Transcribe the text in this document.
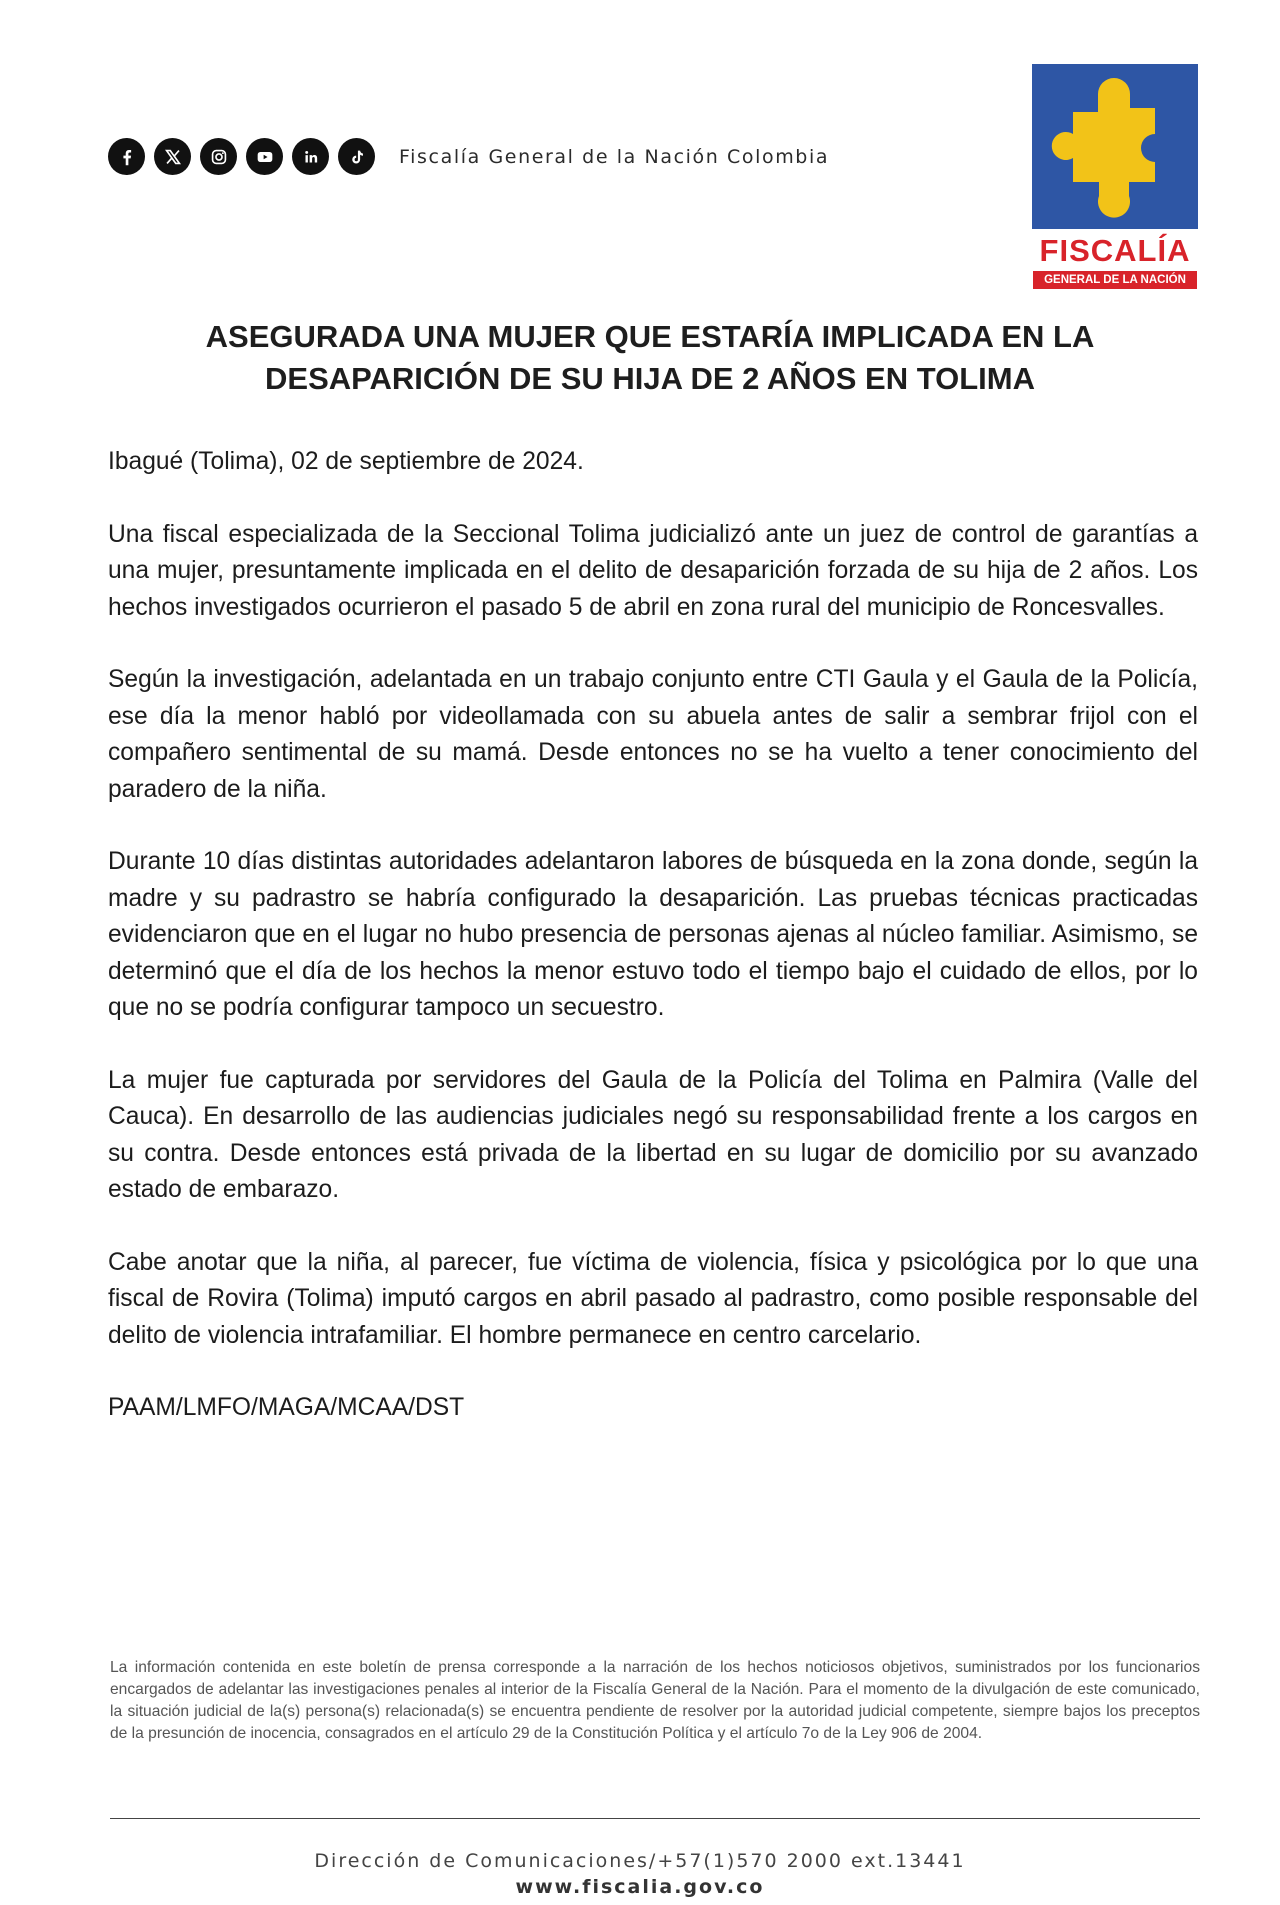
Fiscalía General de la Nación Colombia
FISCALÍA
GENERAL DE LA NACIÓN
ASEGURADA UNA MUJER QUE ESTARÍA IMPLICADA EN LA
DESAPARICIÓN DE SU HIJA DE 2 AÑOS EN TOLIMA

Ibagué (Tolima), 02 de septiembre de 2024.

Una fiscal especializada de la Seccional Tolima judicializó ante un juez de control de garantías a una mujer, presuntamente implicada en el delito de desaparición forzada de su hija de 2 años. Los hechos investigados ocurrieron el pasado 5 de abril en zona rural del municipio de Roncesvalles.

Según la investigación, adelantada en un trabajo conjunto entre CTI Gaula y el Gaula de la Policía, ese día la menor habló por videollamada con su abuela antes de salir a sembrar frijol con el compañero sentimental de su mamá. Desde entonces no se ha vuelto a tener conocimiento del paradero de la niña.

Durante 10 días distintas autoridades adelantaron labores de búsqueda en la zona donde, según la madre y su padrastro se habría configurado la desaparición. Las pruebas técnicas practicadas evidenciaron que en el lugar no hubo presencia de personas ajenas al núcleo familiar. Asimismo, se determinó que el día de los hechos la menor estuvo todo el tiempo bajo el cuidado de ellos, por lo que no se podría configurar tampoco un secuestro.

La mujer fue capturada por servidores del Gaula de la Policía del Tolima en Palmira (Valle del Cauca). En desarrollo de las audiencias judiciales negó su responsabilidad frente a los cargos en su contra. Desde entonces está privada de la libertad en su lugar de domicilio por su avanzado estado de embarazo.

Cabe anotar que la niña, al parecer, fue víctima de violencia, física y psicológica por lo que una fiscal de Rovira (Tolima) imputó cargos en abril pasado al padrastro, como posible responsable del delito de violencia intrafamiliar. El hombre permanece en centro carcelario.

PAAM/LMFO/MAGA/MCAA/DST

La información contenida en este boletín de prensa corresponde a la narración de los hechos noticiosos objetivos, suministrados por los funcionarios encargados de adelantar las investigaciones penales al interior de la Fiscalía General de la Nación. Para el momento de la divulgación de este comunicado, la situación judicial de la(s) persona(s) relacionada(s) se encuentra pendiente de resolver por la autoridad judicial competente, siempre bajos los preceptos de la presunción de inocencia, consagrados en el artículo 29 de la Constitución Política y el artículo 7o de la Ley 906 de 2004.
Dirección de Comunicaciones/+57(1)570 2000 ext.13441
www.fiscalia.gov.co
